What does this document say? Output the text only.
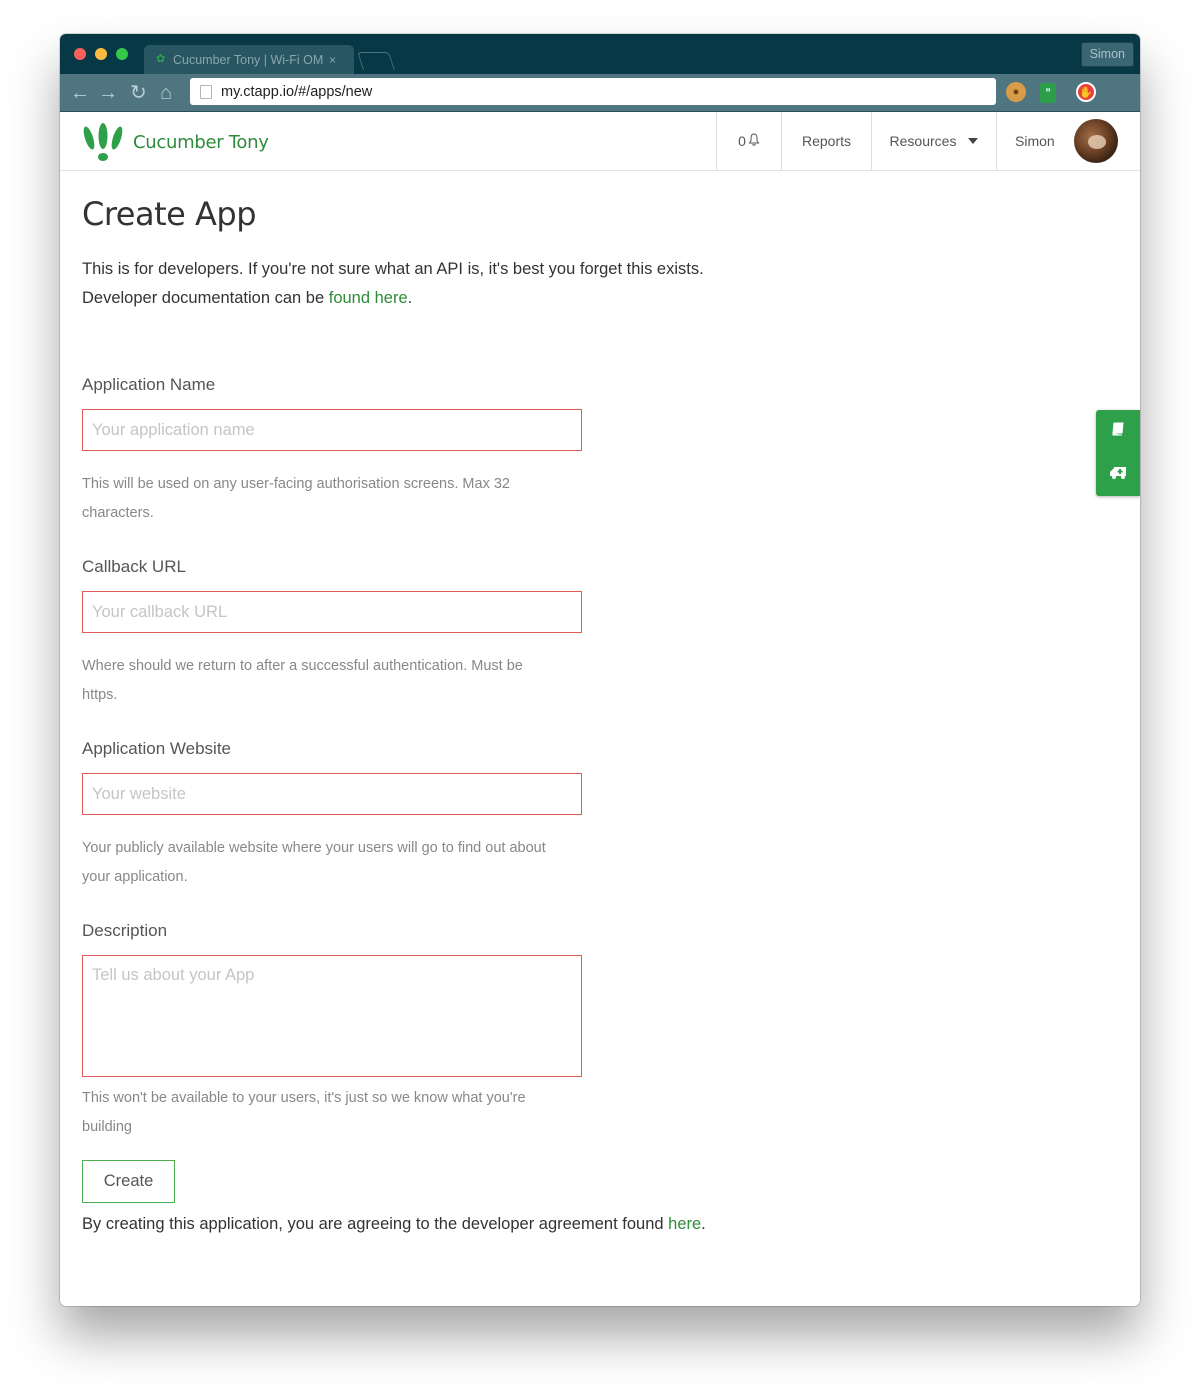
✿ Cucumber Tony | Wi-Fi OM ×	Simon
← → ↻ ⌂	my.ctapp.io/#/apps/new	●	”	✋
Cucumber Tony	0	Reports	Resources	Simon
Create App
This is for developers. If you're not sure what an API is, it's best you forget this exists.
Developer documentation can be found here.
Application Name
Your application name
This will be used on any user-facing authorisation screens. Max 32 characters.
Callback URL
Your callback URL
Where should we return to after a successful authentication. Must be https.
Application Website
Your website
Your publicly available website where your users will go to find out about your application.
Description
Tell us about your App
This won't be available to your users, it's just so we know what you're building
Create
By creating this application, you are agreeing to the developer agreement found here.
